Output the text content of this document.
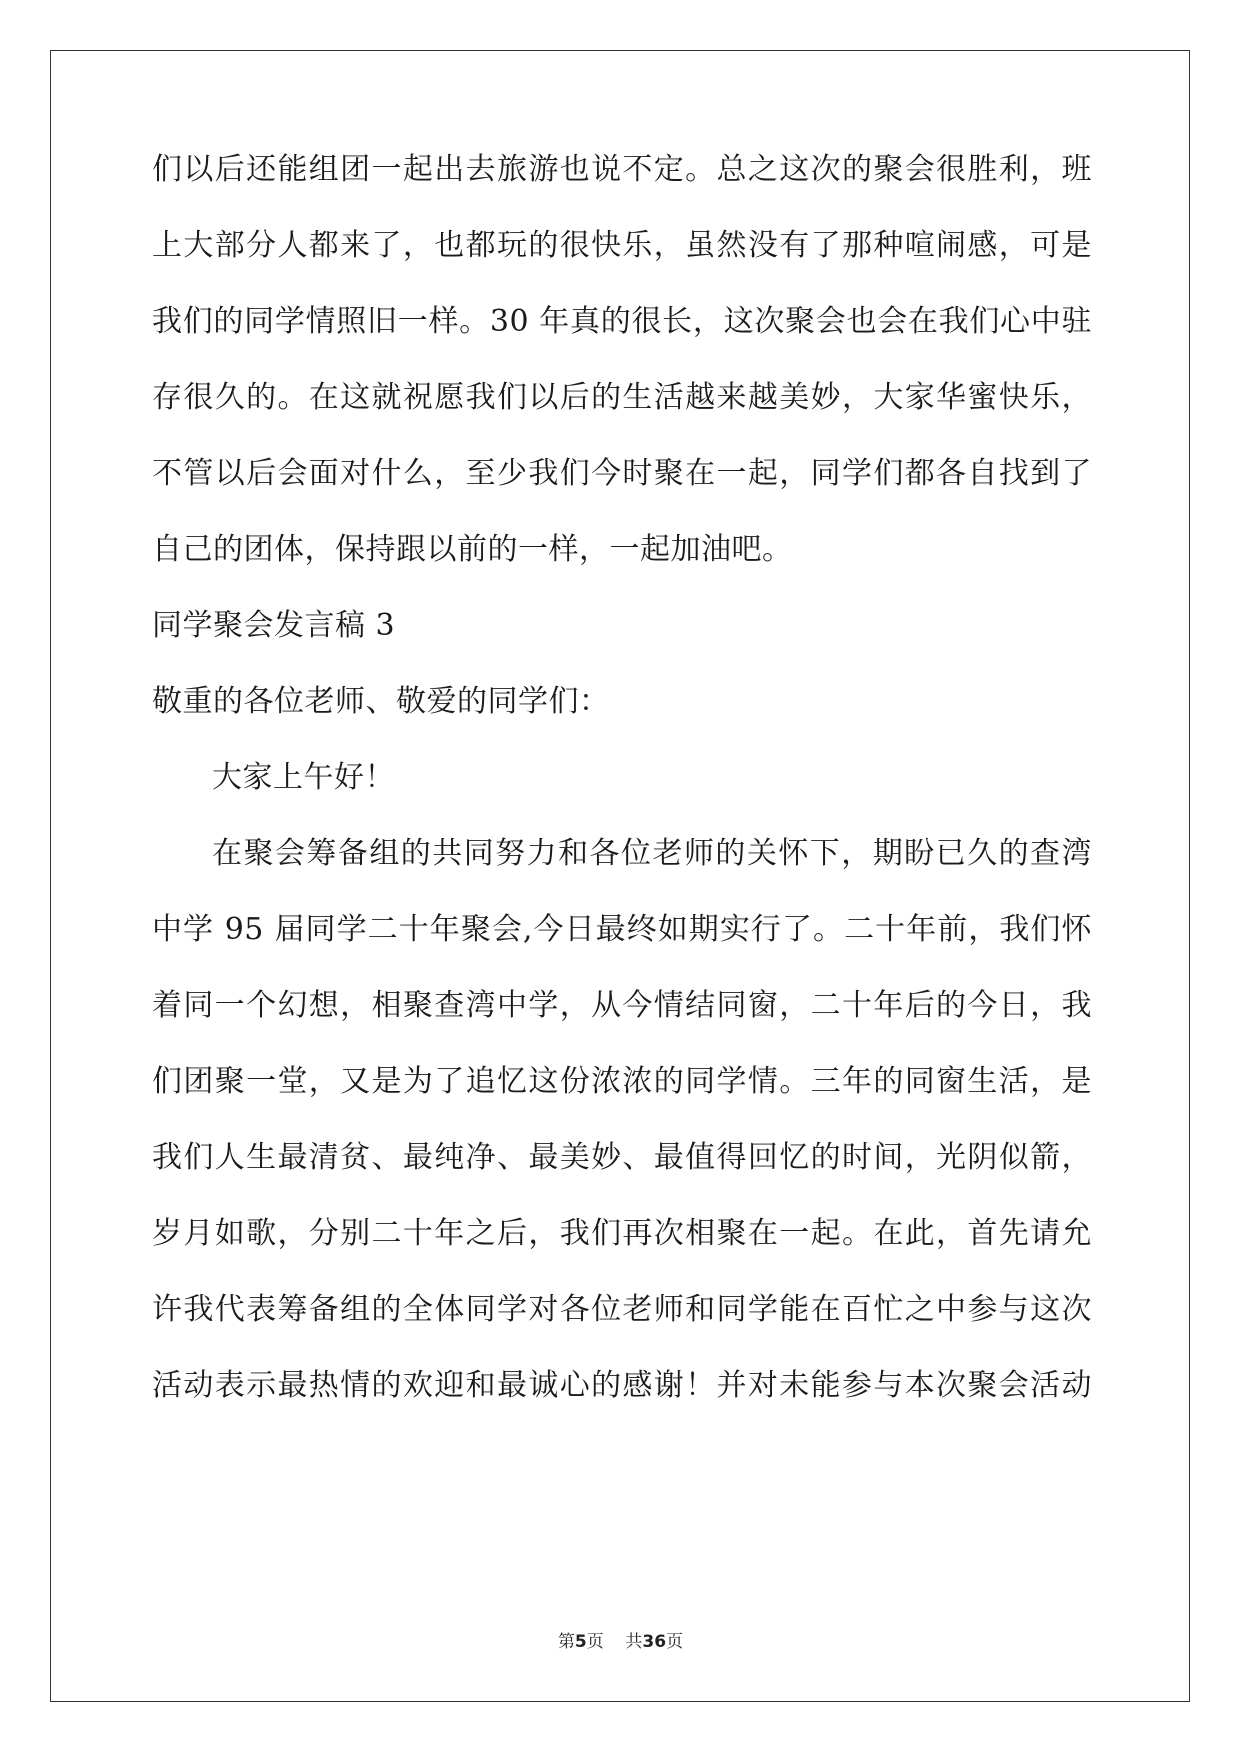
们以后还能组团一起出去旅游也说不定。总之这次的聚会很胜利，班
上大部分人都来了，也都玩的很快乐，虽然没有了那种喧闹感，可是
我们的同学情照旧一样。30 年真的很长，这次聚会也会在我们心中驻
存很久的。在这就祝愿我们以后的生活越来越美妙，大家华蜜快乐，
不管以后会面对什么，至少我们今时聚在一起，同学们都各自找到了
自己的团体，保持跟以前的一样，一起加油吧。
同学聚会发言稿 3
敬重的各位老师、敬爱的同学们：
大家上午好！
在聚会筹备组的共同努力和各位老师的关怀下，期盼已久的查湾
中学 95 届同学二十年聚会,今日最终如期实行了。二十年前，我们怀
着同一个幻想，相聚查湾中学，从今情结同窗，二十年后的今日，我
们团聚一堂，又是为了追忆这份浓浓的同学情。三年的同窗生活，是
我们人生最清贫、最纯净、最美妙、最值得回忆的时间，光阴似箭，
岁月如歌，分别二十年之后，我们再次相聚在一起。在此，首先请允
许我代表筹备组的全体同学对各位老师和同学能在百忙之中参与这次
活动表示最热情的欢迎和最诚心的感谢！并对未能参与本次聚会活动
第5页 共36页
